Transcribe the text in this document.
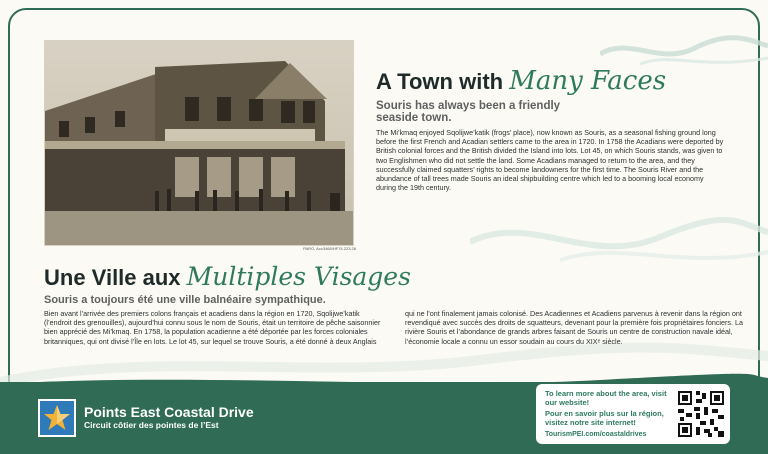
PARO, Acc3466/HF74.223.26
A Town with Many Faces
Souris has always been a friendly seaside town.
The Mi’kmaq enjoyed Sqolijwe’katik (frogs’ place), now known as Souris, as a seasonal fishing ground long before the first French and Acadian settlers came to the area in 1720. In 1758 the Acadians were deported by British colonial forces and the British divided the Island into lots. Lot 45, on which Souris stands, was given to two Englishmen who did not settle the land. Some Acadians managed to return to the area, and they successfully claimed squatters’ rights to become landowners for the first time. The Souris River and the abundance of tall trees made Souris an ideal shipbuilding centre which led to a booming local economy during the 19th century.
Une Ville aux Multiples Visages
Souris a toujours été une ville balnéaire sympathique.
Bien avant l’arrivée des premiers colons français et acadiens dans la région en 1720, Sqolijwe’katik (l’endroit des grenouilles), aujourd’hui connu sous le nom de Souris, était un territoire de pêche saisonnier bien apprécié des Mi’kmaq. En 1758, la population acadienne a été déportée par les forces coloniales britanniques, qui ont divisé l’Île en lots. Le lot 45, sur lequel se trouve Souris, a été donné à deux Anglais qui ne l’ont finalement jamais colonisé. Des Acadiennes et Acadiens parvenus à revenir dans la région ont revendiqué avec succès des droits de squatteurs, devenant pour la première fois propriétaires fonciers. La rivière Souris et l’abondance de grands arbres faisant de Souris un centre de construction navale idéal, l’économie locale a connu un essor soudain au cours du XIXᵉ siècle.
Points East Coastal Drive
Circuit côtier des pointes de l’Est
To learn more about the area, visit our website!
Pour en savoir plus sur la région, visitez notre site internet!
TourismPEI.com/coastaldrives
